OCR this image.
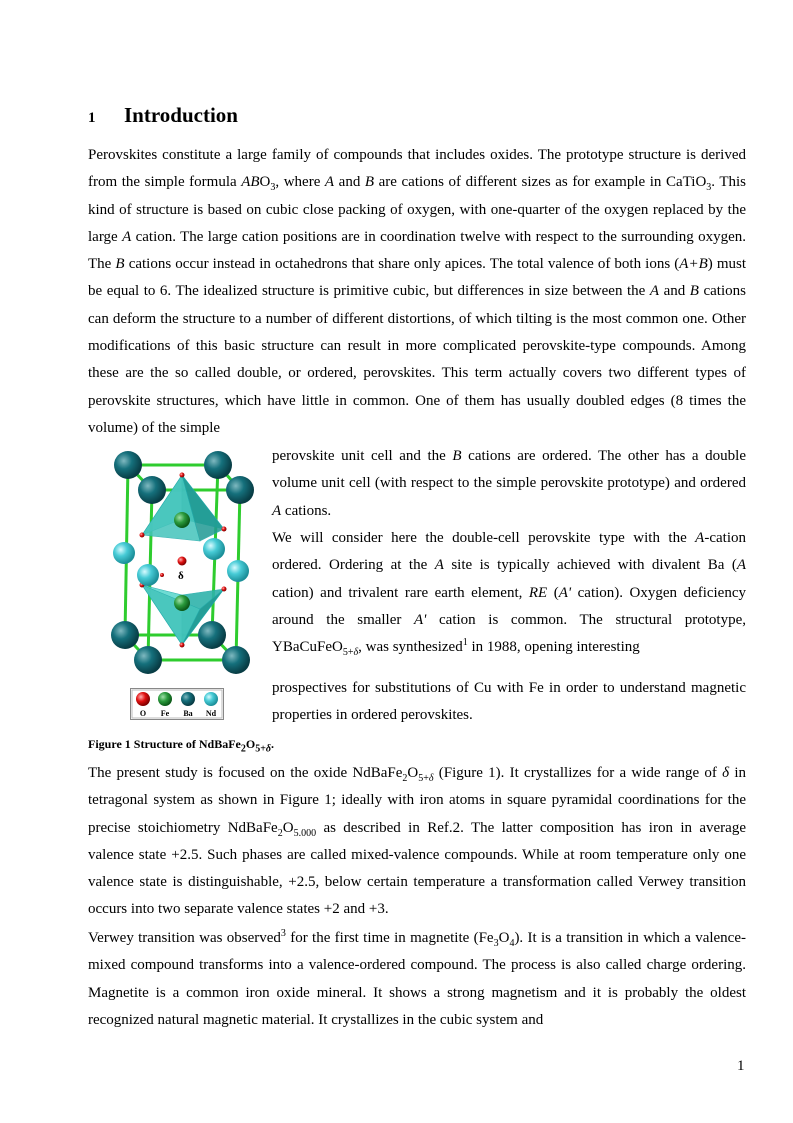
1 Introduction

Perovskites constitute a large family of compounds that includes oxides. The prototype structure is derived from the simple formula $ABO_3$, where A and B are cations of different sizes as for example in CaTiO$_3$. This kind of structure is based on cubic close packing of oxygen, with one-quarter of the oxygen replaced by the large A cation. The large cation positions are in coordination twelve with respect to the surrounding oxygen. The B cations occur instead in octahedrons that share only apices. The total valence of both ions (A+B) must be equal to 6. The idealized structure is primitive cubic, but differences in size between the A and B cations can deform the structure to a number of different distortions, of which tilting is the most common one. Other modifications of this basic structure can result in more complicated perovskite-type compounds. Among these are the so called double, or ordered, perovskites. This term actually covers two different types of perovskite structures, which have little in common. One of them has usually doubled edges (8 times the volume) of the simple

δ
O Fe Ba Nd

perovskite unit cell and the B cations are ordered. The other has a double volume unit cell (with respect to the simple perovskite prototype) and ordered A cations.

We will consider here the double-cell perovskite type with the A-cation ordered. Ordering at the A site is typically achieved with divalent Ba (A cation) and trivalent rare earth element, RE (A' cation). Oxygen deficiency around the smaller A' cation is common. The structural prototype, YBaCuFeO$_{5+\delta}$, was synthesized$^1$ in 1988, opening interesting

prospectives for substitutions of Cu with Fe in order to understand magnetic properties in ordered perovskites.

Figure 1 Structure of $NdBaFe_2O_{5+\delta}$.

The present study is focused on the oxide $NdBaFe_2O_{5+\delta}$ (Figure 1). It crystallizes for a wide range of δ in tetragonal system as shown in Figure 1; ideally with iron atoms in square pyramidal coordinations for the precise stoichiometry $NdBaFe_2O_{5.000}$ as described in Ref.2. The latter composition has iron in average valence state +2.5. Such phases are called mixed-valence compounds. While at room temperature only one valence state is distinguishable, +2.5, below certain temperature a transformation called Verwey transition occurs into two separate valence states +2 and +3.

Verwey transition was observed$^3$ for the first time in magnetite $(Fe_3O_4)$. It is a transition in which a valence-mixed compound transforms into a valence-ordered compound. The process is also called charge ordering. Magnetite is a common iron oxide mineral. It shows a strong magnetism and it is probably the oldest recognized natural magnetic material. It crystallizes in the cubic system and

1
